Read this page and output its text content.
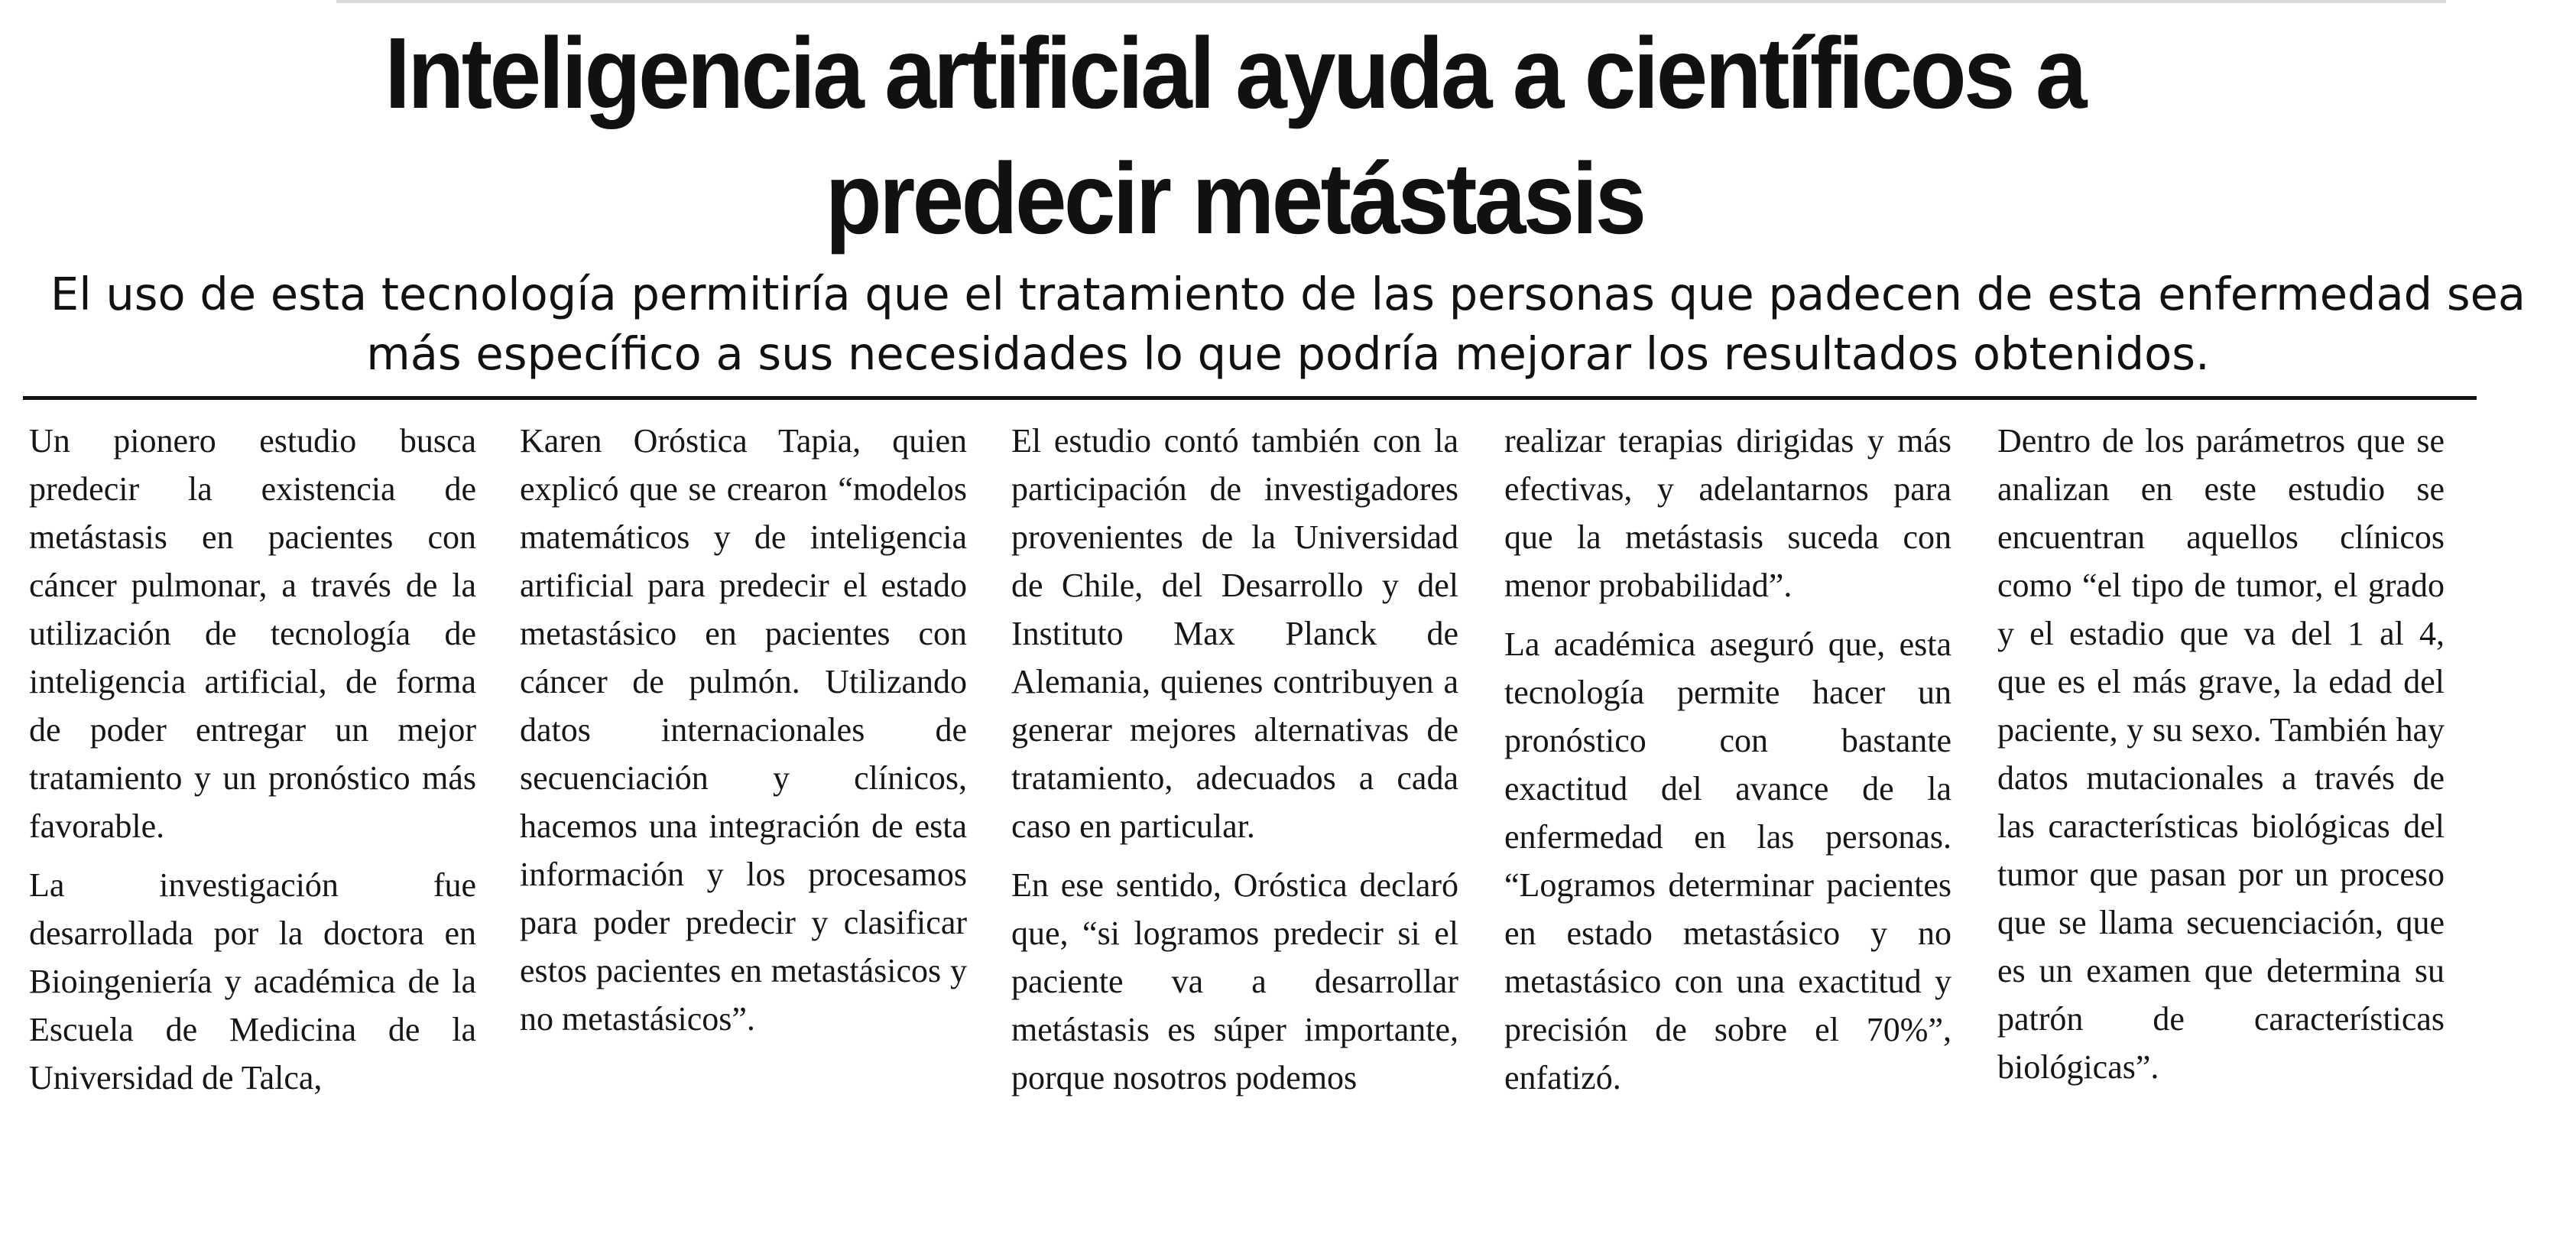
Inteligencia artificial ayuda a científicos a predecir metástasis
El uso de esta tecnología permitiría que el tratamiento de las personas que padecen de esta enfermedad sea más específico a sus necesidades lo que podría mejorar los resultados obtenidos.

Un pionero estudio busca predecir la existencia de metástasis en pacientes con cáncer pulmonar, a través de la utilización de tecnología de inteligencia artificial, de forma de poder entregar un mejor tratamiento y un pronóstico más favorable.

La investigación fue desarrollada por la doctora en Bioingeniería y académica de la Escuela de Medicina de la Universidad de Talca,

Karen Oróstica Tapia, quien explicó que se crearon “modelos matemáticos y de inteligencia artificial para predecir el estado metastásico en pacientes con cáncer de pulmón. Utilizando datos internacionales de secuenciación y clínicos, hacemos una integración de esta información y los procesamos para poder predecir y clasificar estos pacientes en metastásicos y no metastásicos”.

El estudio contó también con la participación de investigadores provenientes de la Universidad de Chile, del Desarrollo y del Instituto Max Planck de Alemania, quienes contribuyen a generar mejores alternativas de tratamiento, adecuados a cada caso en particular.

En ese sentido, Oróstica declaró que, “si logramos predecir si el paciente va a desarrollar metástasis es súper importante, porque nosotros podemos

realizar terapias dirigidas y más efectivas, y adelantarnos para que la metástasis suceda con menor probabilidad”.

La académica aseguró que, esta tecnología permite hacer un pronóstico con bastante exactitud del avance de la enfermedad en las personas. “Logramos determinar pacientes en estado metastásico y no metastásico con una exactitud y precisión de sobre el 70%”, enfatizó.

Dentro de los parámetros que se analizan en este estudio se encuentran aquellos clínicos como “el tipo de tumor, el grado y el estadio que va del 1 al 4, que es el más grave, la edad del paciente, y su sexo. También hay datos mutacionales a través de las características biológicas del tumor que pasan por un proceso que se llama secuenciación, que es un examen que determina su patrón de características biológicas”.
